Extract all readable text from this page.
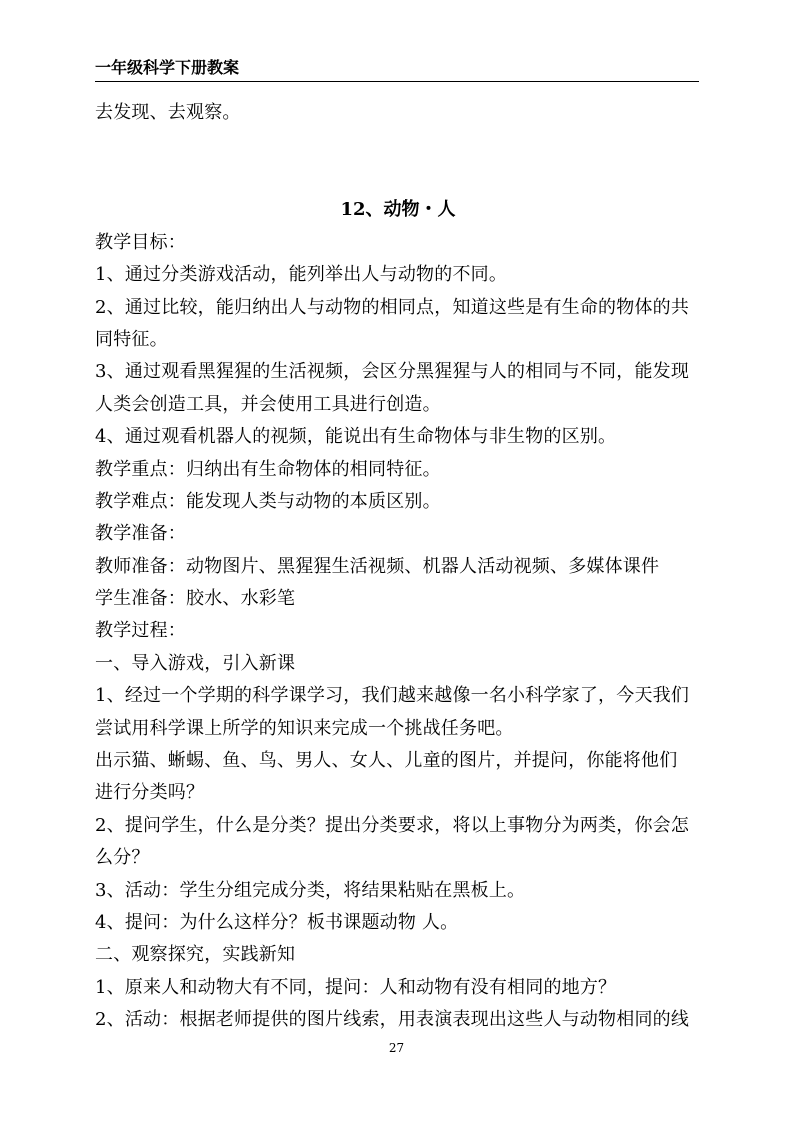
一年级科学下册教案
去发现、去观察。
12、动物・人
教学目标：
1、通过分类游戏活动，能列举出人与动物的不同。
2、通过比较，能归纳出人与动物的相同点，知道这些是有生命的物体的共
同特征。
3、通过观看黑猩猩的生活视频，会区分黑猩猩与人的相同与不同，能发现
人类会创造工具，并会使用工具进行创造。
4、通过观看机器人的视频，能说出有生命物体与非生物的区别。
教学重点：归纳出有生命物体的相同特征。
教学难点：能发现人类与动物的本质区别。
教学准备：
教师准备：动物图片、黑猩猩生活视频、机器人活动视频、多媒体课件
学生准备：胶水、水彩笔
教学过程：
一、导入游戏，引入新课
1、经过一个学期的科学课学习，我们越来越像一名小科学家了，今天我们
尝试用科学课上所学的知识来完成一个挑战任务吧。
出示猫、蜥蜴、鱼、鸟、男人、女人、儿童的图片，并提问，你能将他们
进行分类吗？
2、提问学生，什么是分类？提出分类要求，将以上事物分为两类，你会怎
么分？
3、活动：学生分组完成分类，将结果粘贴在黑板上。
4、提问：为什么这样分？板书课题动物 人。
二、观察探究，实践新知
1、原来人和动物大有不同，提问：人和动物有没有相同的地方？
2、活动：根据老师提供的图片线索，用表演表现出这些人与动物相同的线
27
